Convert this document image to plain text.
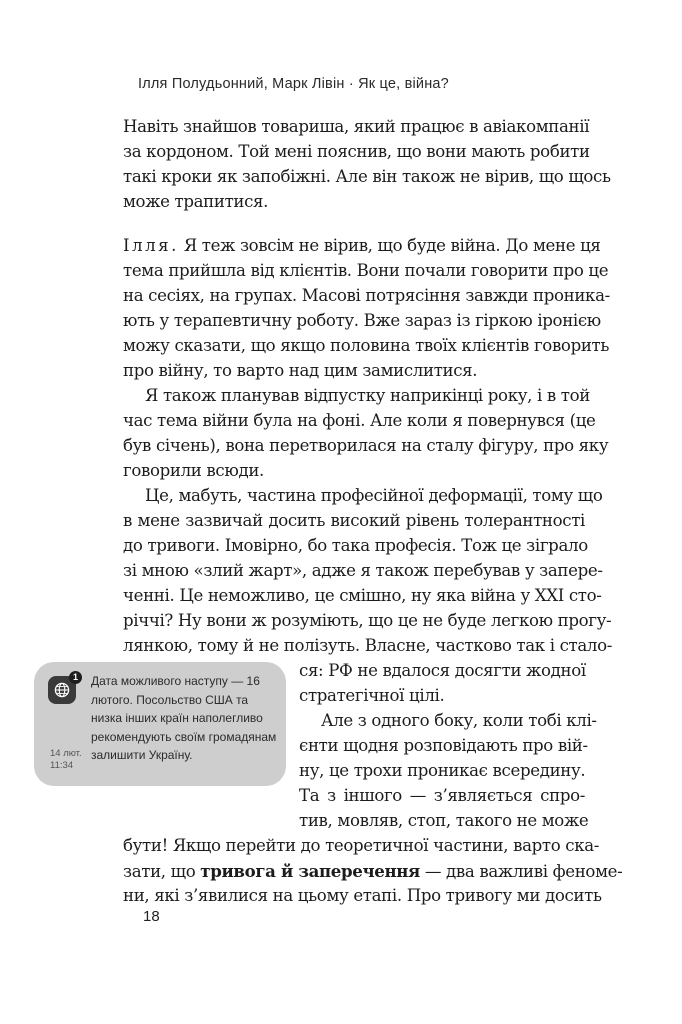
Ілля Полудьонний, Марк Лівін · Як це, війна?
Навіть знайшов товариша, який працює в авіакомпанії
за кордоном. Той мені пояснив, що вони мають робити
такі кроки як запобіжні. Але він також не вірив, що щось
може трапитися.
Ілля. Я теж зовсім не вірив, що буде війна. До мене ця
тема прийшла від клієнтів. Вони почали говорити про це
на сесіях, на групах. Масові потрясіння завжди проника-
ють у терапевтичну роботу. Вже зараз із гіркою іронією
можу сказати, що якщо половина твоїх клієнтів говорить
про війну, то варто над цим замислитися.
Я також планував відпустку наприкінці року, і в той
час тема війни була на фоні. Але коли я повернувся (це
був січень), вона перетворилася на сталу фігуру, про яку
говорили всюди.
Це, мабуть, частина професійної деформації, тому що
в мене зазвичай досить високий рівень толерантності
до тривоги. Імовірно, бо така професія. Тож це зіграло
зі мною «злий жарт», адже я також перебував у запере-
ченні. Це неможливо, це смішно, ну яка війна у XXI сто-
річчі? Ну вони ж розуміють, що це не буде легкою прогу-
лянкою, тому й не полізуть. Власне, частково так і стало-
ся: РФ не вдалося досягти жодної
стратегічної цілі.
Але з одного боку, коли тобі клі-
єнти щодня розповідають про вій-
ну, це трохи проникає всередину.
Та з іншого — з’являється спро-
тив, мовляв, стоп, такого не може
бути! Якщо перейти до теоретичної частини, варто ска-
зати, що тривога й заперечення — два важливі феноме-
ни, які з’явилися на цьому етапі. Про тривогу ми досить
1
14 лют.
11:34
Дата можливого наступу — 16 лютого. Посольство США та низка інших країн наполегливо рекомендують своїм громадянам залишити Україну.
18
